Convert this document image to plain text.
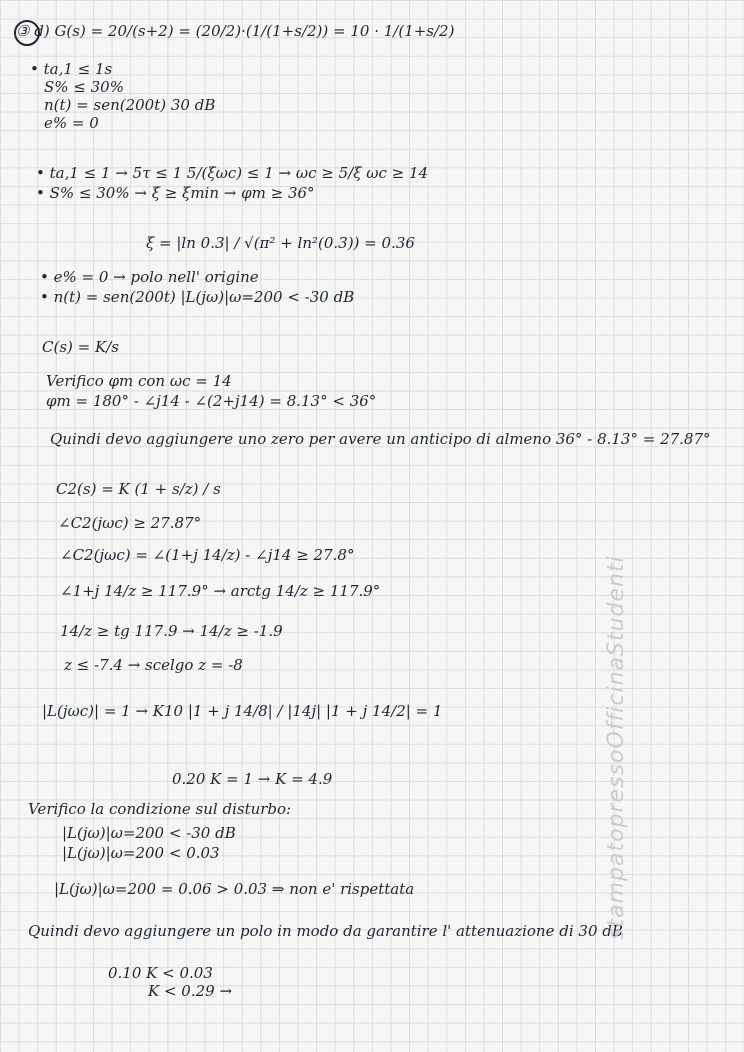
③ d) G(s) = 20/(s+2) = (20/2)·(1/(1+s/2)) = 10 · 1/(1+s/2)
• ta,1 ≤ 1s
S% ≤ 30%
n(t) = sen(200t) 30 dB
e% = 0
• ta,1 ≤ 1 → 5τ ≤ 1 5/(ξωc) ≤ 1 → ωc ≥ 5/ξ ωc ≥ 14
• S% ≤ 30% → ξ ≥ ξmin → φm ≥ 36°
ξ = |ln 0.3| / √(π² + ln²(0.3)) = 0.36
• e% = 0 → polo nell' origine
• n(t) = sen(200t) |L(jω)|ω=200 < -30 dB
C(s) = K/s
Verifico φm con ωc = 14
φm = 180° - ∠j14 - ∠(2+j14) = 8.13° < 36°
Quindi devo aggiungere uno zero per avere un anticipo di almeno 36° - 8.13° = 27.87°
C2(s) = K (1 + s/z) / s
∠C2(jωc) ≥ 27.87°
∠C2(jωc) = ∠(1+j 14/z) - ∠j14 ≥ 27.8°
∠1+j 14/z ≥ 117.9° → arctg 14/z ≥ 117.9°
14/z ≥ tg 117.9 → 14/z ≥ -1.9
z ≤ -7.4 → scelgo z = -8
|L(jωc)| = 1 → K10 |1 + j 14/8| / |14j| |1 + j 14/2| = 1
0.20 K = 1 → K = 4.9
Verifico la condizione sul disturbo:
|L(jω)|ω=200 < -30 dB
|L(jω)|ω=200 < 0.03
|L(jω)|ω=200 = 0.06 > 0.03 ⇒ non e' rispettata
Quindi devo aggiungere un polo in modo da garantire l' attenuazione di 30 dB
0.10 K < 0.03
K < 0.29 →
stampatopressoOfficinaStudenti
